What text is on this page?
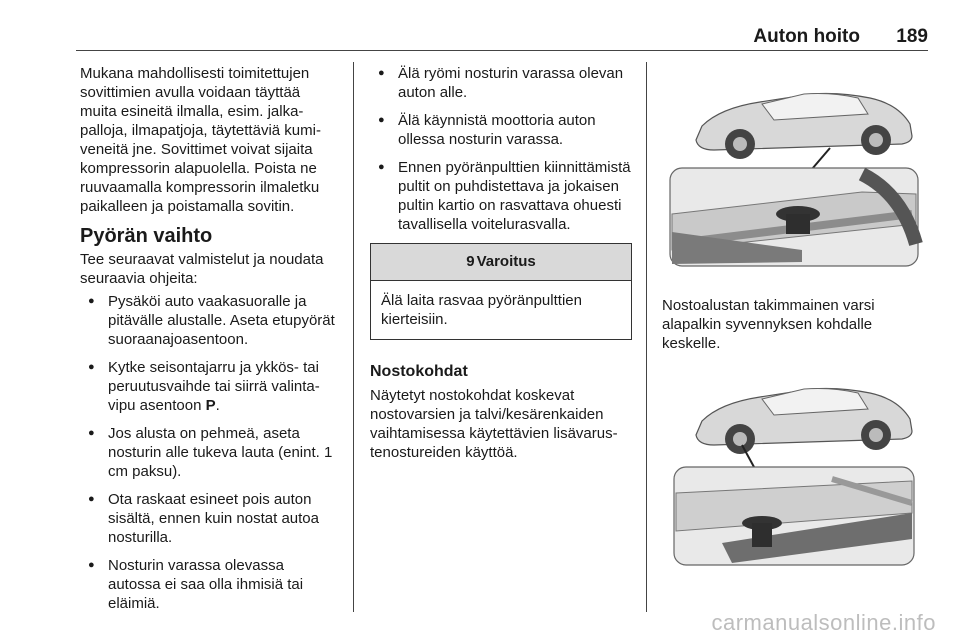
Auton hoito 189

Mukana mahdollisesti toimitettujen sovittimien avulla voidaan täyttää muita esineitä ilmalla, esim. jalkapalloja, ilmapatjoja, täytettäviä kumiveneitä jne. Sovittimet voivat sijaita kompressorin alapuolella. Poista ne ruuvaamalla kompressorin ilmaletku paikalleen ja poistamalla sovitin.

Pyörän vaihto

Tee seuraavat valmistelut ja noudata seuraavia ohjeita:

● Pysäköi auto vaakasuoralle ja pitävälle alustalle. Aseta etupyörät suoraanajoasentoon.
● Kytke seisontajarru ja ykkös- tai peruutusvaihde tai siirrä valintavipu asentoon P.
● Jos alusta on pehmeä, aseta nosturin alle tukeva lauta (enint. 1 cm paksu).
● Ota raskaat esineet pois auton sisältä, ennen kuin nostat autoa nosturilla.
● Nosturin varassa olevassa autossa ei saa olla ihmisiä tai eläimiä.
● Älä ryömi nosturin varassa olevan auton alle.
● Älä käynnistä moottoria auton ollessa nosturin varassa.
● Ennen pyöränpulttien kiinnittämistä pultit on puhdistettava ja jokaisen pultin kartio on rasvattava ohuesti tavallisella voitelurasvalla.
9 Varoitus
Älä laita rasvaa pyöränpulttien kierteisiin.
Nostokohdat

Näytetyt nostokohdat koskevat nostovarsien ja talvi/kesärenkaiden vaihtamisessa käytettävien lisävarustenostureiden käyttöä.

Nostoalustan takimmainen varsi alapalkin syvennyksen kohdalle keskelle.

carmanualsonline.info
